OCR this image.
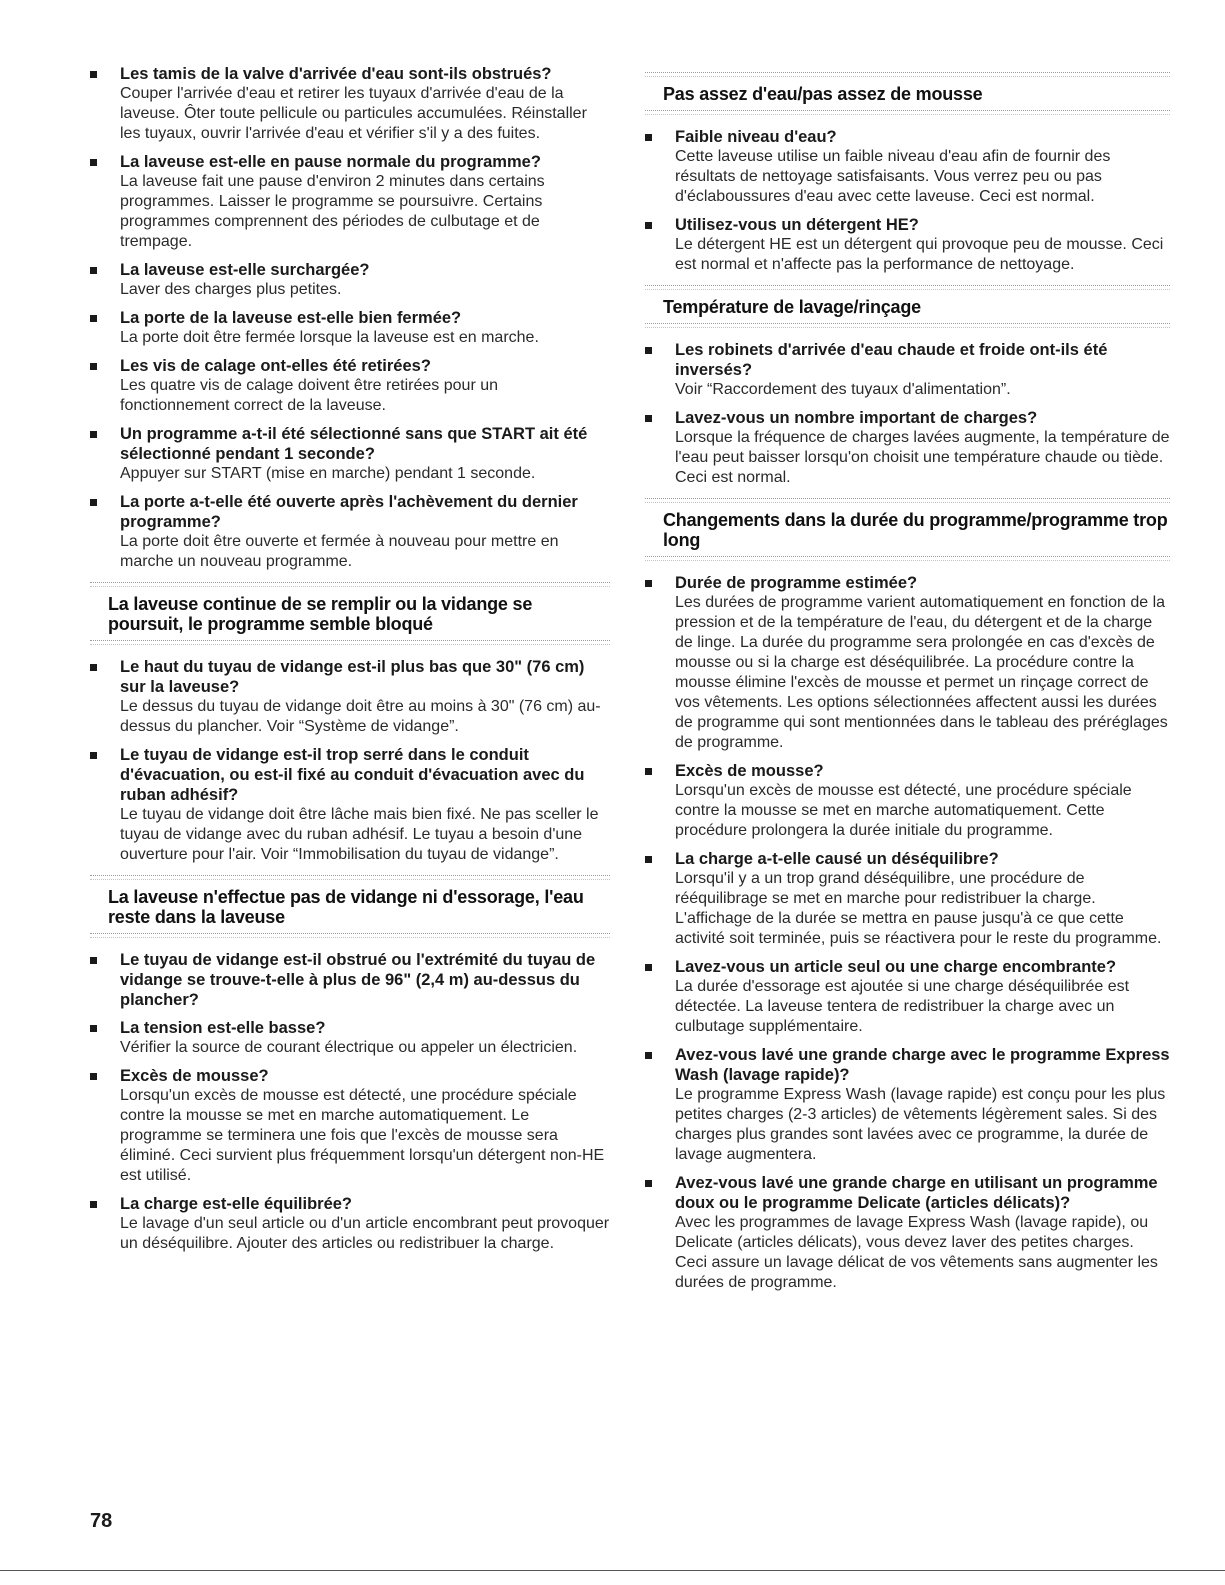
Les tamis de la valve d'arrivée d'eau sont-ils obstrués?
Couper l'arrivée d'eau et retirer les tuyaux d'arrivée d'eau de la laveuse. Ôter toute pellicule ou particules accumulées. Réinstaller les tuyaux, ouvrir l'arrivée d'eau et vérifier s'il y a des fuites.
La laveuse est-elle en pause normale du programme?
La laveuse fait une pause d'environ 2 minutes dans certains programmes. Laisser le programme se poursuivre. Certains programmes comprennent des périodes de culbutage et de trempage.
La laveuse est-elle surchargée?
Laver des charges plus petites.
La porte de la laveuse est-elle bien fermée?
La porte doit être fermée lorsque la laveuse est en marche.
Les vis de calage ont-elles été retirées?
Les quatre vis de calage doivent être retirées pour un fonctionnement correct de la laveuse.
Un programme a-t-il été sélectionné sans que START ait été sélectionné pendant 1 seconde?
Appuyer sur START (mise en marche) pendant 1 seconde.
La porte a-t-elle été ouverte après l'achèvement du dernier programme?
La porte doit être ouverte et fermée à nouveau pour mettre en marche un nouveau programme.
La laveuse continue de se remplir ou la vidange se poursuit, le programme semble bloqué
Le haut du tuyau de vidange est-il plus bas que 30" (76 cm) sur la laveuse?
Le dessus du tuyau de vidange doit être au moins à 30" (76 cm) au-dessus du plancher. Voir “Système de vidange”.
Le tuyau de vidange est-il trop serré dans le conduit d'évacuation, ou est-il fixé au conduit d'évacuation avec du ruban adhésif?
Le tuyau de vidange doit être lâche mais bien fixé. Ne pas sceller le tuyau de vidange avec du ruban adhésif. Le tuyau a besoin d'une ouverture pour l'air. Voir “Immobilisation du tuyau de vidange”.
La laveuse n'effectue pas de vidange ni d'essorage, l'eau reste dans la laveuse
Le tuyau de vidange est-il obstrué ou l'extrémité du tuyau de vidange se trouve-t-elle à plus de 96" (2,4 m) au-dessus du plancher?
La tension est-elle basse?
Vérifier la source de courant électrique ou appeler un électricien.
Excès de mousse?
Lorsqu'un excès de mousse est détecté, une procédure spéciale contre la mousse se met en marche automatiquement. Le programme se terminera une fois que l'excès de mousse sera éliminé. Ceci survient plus fréquemment lorsqu'un détergent non-HE est utilisé.
La charge est-elle équilibrée?
Le lavage d'un seul article ou d'un article encombrant peut provoquer un déséquilibre. Ajouter des articles ou redistribuer la charge.
Pas assez d'eau/pas assez de mousse
Faible niveau d'eau?
Cette laveuse utilise un faible niveau d'eau afin de fournir des résultats de nettoyage satisfaisants. Vous verrez peu ou pas d'éclaboussures d'eau avec cette laveuse. Ceci est normal.
Utilisez-vous un détergent HE?
Le détergent HE est un détergent qui provoque peu de mousse. Ceci est normal et n'affecte pas la performance de nettoyage.
Température de lavage/rinçage
Les robinets d'arrivée d'eau chaude et froide ont-ils été inversés?
Voir “Raccordement des tuyaux d'alimentation”.
Lavez-vous un nombre important de charges?
Lorsque la fréquence de charges lavées augmente, la température de l'eau peut baisser lorsqu'on choisit une température chaude ou tiède. Ceci est normal.
Changements dans la durée du programme/programme trop long
Durée de programme estimée?
Les durées de programme varient automatiquement en fonction de la pression et de la température de l'eau, du détergent et de la charge de linge. La durée du programme sera prolongée en cas d'excès de mousse ou si la charge est déséquilibrée. La procédure contre la mousse élimine l'excès de mousse et permet un rinçage correct de vos vêtements. Les options sélectionnées affectent aussi les durées de programme qui sont mentionnées dans le tableau des préréglages de programme.
Excès de mousse?
Lorsqu'un excès de mousse est détecté, une procédure spéciale contre la mousse se met en marche automatiquement. Cette procédure prolongera la durée initiale du programme.
La charge a-t-elle causé un déséquilibre?
Lorsqu'il y a un trop grand déséquilibre, une procédure de rééquilibrage se met en marche pour redistribuer la charge. L'affichage de la durée se mettra en pause jusqu'à ce que cette activité soit terminée, puis se réactivera pour le reste du programme.
Lavez-vous un article seul ou une charge encombrante?
La durée d'essorage est ajoutée si une charge déséquilibrée est détectée. La laveuse tentera de redistribuer la charge avec un culbutage supplémentaire.
Avez-vous lavé une grande charge avec le programme Express Wash (lavage rapide)?
Le programme Express Wash (lavage rapide) est conçu pour les plus petites charges (2-3 articles) de vêtements légèrement sales. Si des charges plus grandes sont lavées avec ce programme, la durée de lavage augmentera.
Avez-vous lavé une grande charge en utilisant un programme doux ou le programme Delicate (articles délicats)?
Avec les programmes de lavage Express Wash (lavage rapide), ou Delicate (articles délicats), vous devez laver des petites charges. Ceci assure un lavage délicat de vos vêtements sans augmenter les durées de programme.
78
